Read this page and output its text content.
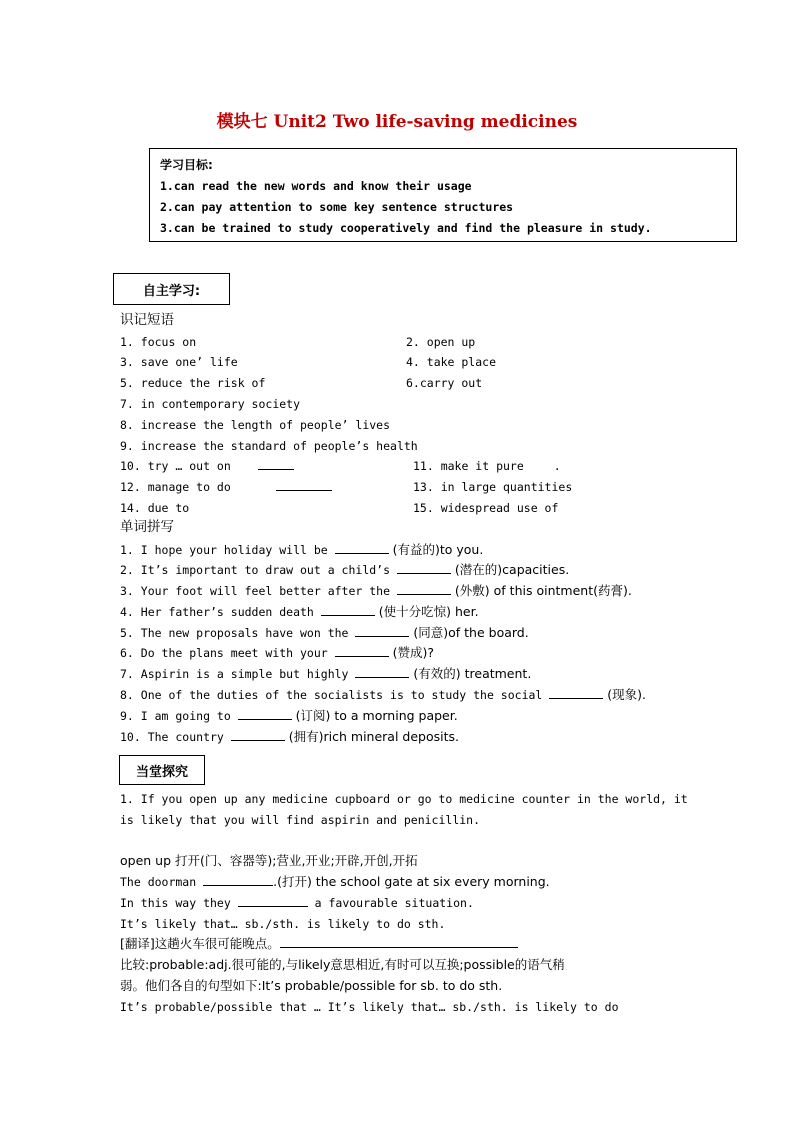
模块七 Unit2 Two life-saving medicines
学习目标:
1.can read the new words and know their usage
2.can pay attention to some key sentence structures
3.can be trained to study cooperatively and find the pleasure in study.
自主学习:
识记短语
1. focus on	2. open up
3. save one’ life	4. take place
5. reduce the risk of	6.carry out
7. in contemporary society
8. increase the length of people’ lives
9. increase the standard of people’s health
10. try … out on	11. make it pure	.
12. manage to do	13. in large quantities
14. due to	15. widespread use of
单词拼写
1. I hope your holiday will be	(有益的)to you.
2. It’s important to draw out a child’s	(潜在的)capacities.
3. Your foot will feel better after the	(外敷) of this ointment(药膏).
4. Her father’s sudden death	(使十分吃惊) her.
5. The new proposals have won the	(同意)of the board.
6. Do the plans meet with your	(赞成)?
7. Aspirin is a simple but highly	(有效的) treatment.
8. One of the duties of the socialists is to study the social	(现象).
9. I am going to	(订阅) to a morning paper.
10. The country	(拥有)rich mineral deposits.
当堂探究
1. If you open up any medicine cupboard or go to medicine counter in the world, it
is likely that you will find aspirin and penicillin.
open up 打开(门、容器等);营业,开业;开辟,开创,开拓
The doorman	.(打开) the school gate at six every morning.
In this way they	a favourable situation.
It’s likely that… sb./sth. is likely to do sth.
[翻译]这趟火车很可能晚点。
比较:probable:adj.很可能的,与likely意思相近,有时可以互换;possible的语气稍
弱。他们各自的句型如下:It’s probable/possible for sb. to do sth.
It’s probable/possible that … It’s likely that… sb./sth. is likely to do
